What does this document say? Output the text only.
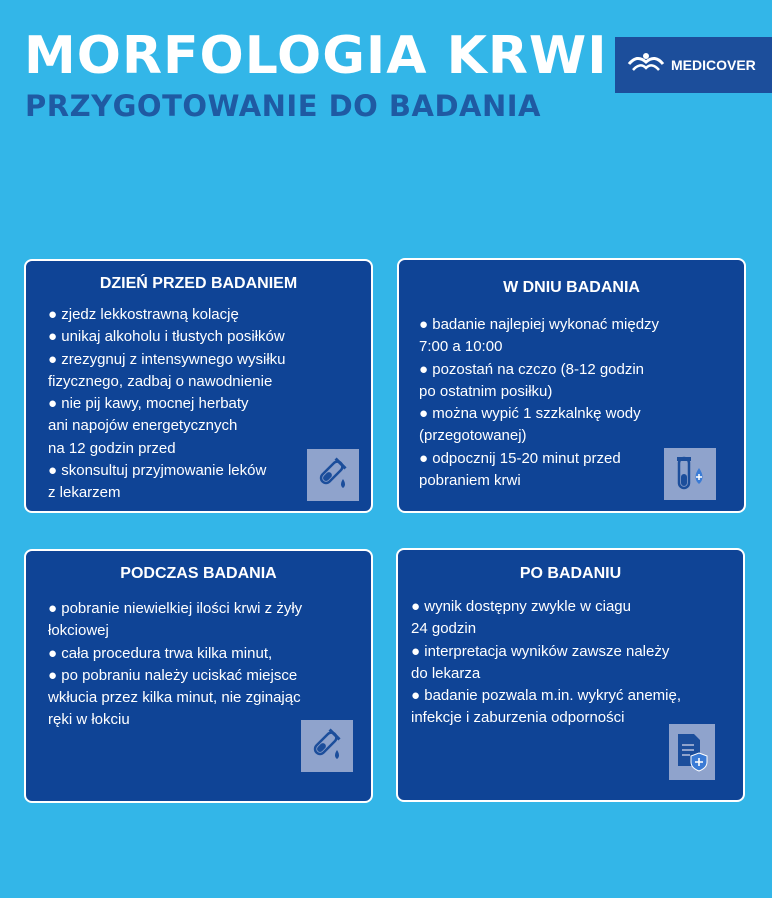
MORFOLOGIA KRWI
PRZYGOTOWANIE DO BADANIA
MEDICOVER
DZIEŃ PRZED BADANIEM
● zjedz lekkostrawną kolację
● unikaj alkoholu i tłustych posiłków
● zrezygnuj z intensywnego wysiłku
fizycznego, zadbaj o nawodnienie
● nie pij kawy, mocnej herbaty
ani napojów energetycznych
na 12 godzin przed
● skonsultuj przyjmowanie leków
z lekarzem
W DNIU BADANIA
● badanie najlepiej wykonać między
7:00 a 10:00
● pozostań na czczo (8-12 godzin
po ostatnim posiłku)
● można wypić 1 szzkalnkę wody
(przegotowanej)
● odpocznij 15-20 minut przed
pobraniem krwi
PODCZAS BADANIA
● pobranie niewielkiej ilości krwi z żyły
łokciowej
● cała procedura trwa kilka minut,
● po pobraniu należy uciskać miejsce
wkłucia przez kilka minut, nie zginając
ręki w łokciu
PO BADANIU
● wynik dostępny zwykle w ciagu
24 godzin
● interpretacja wyników zawsze należy
do lekarza
● badanie pozwala m.in. wykryć anemię,
infekcje i zaburzenia odporności
